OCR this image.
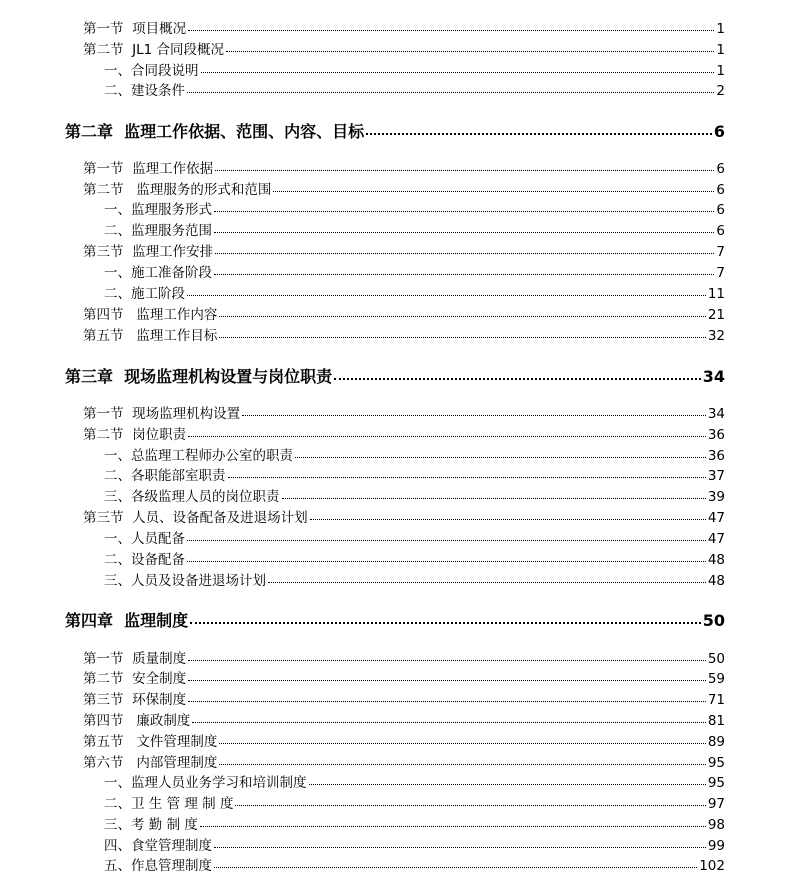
第一节  项目概况	1
第二节  JL1 合同段概况	1
一、合同段说明	1
二、建设条件	2
第二章  监理工作依据、范围、内容、目标	6
第一节  监理工作依据	6
第二节   监理服务的形式和范围	6
一、监理服务形式	6
二、监理服务范围	6
第三节  监理工作安排	7
一、施工准备阶段	7
二、施工阶段	11
第四节   监理工作内容	21
第五节   监理工作目标	32
第三章  现场监理机构设置与岗位职责	34
第一节  现场监理机构设置	34
第二节  岗位职责	36
一、总监理工程师办公室的职责	36
二、各职能部室职责	37
三、各级监理人员的岗位职责	39
第三节  人员、设备配备及进退场计划	47
一、人员配备	47
二、设备配备	48
三、人员及设备进退场计划	48
第四章  监理制度	50
第一节  质量制度	50
第二节  安全制度	59
第三节  环保制度	71
第四节   廉政制度	81
第五节   文件管理制度	89
第六节   内部管理制度	95
一、监理人员业务学习和培训制度	95
二、卫 生 管 理 制 度	97
三、考 勤 制 度	98
四、食堂管理制度	99
五、作息管理制度	102
